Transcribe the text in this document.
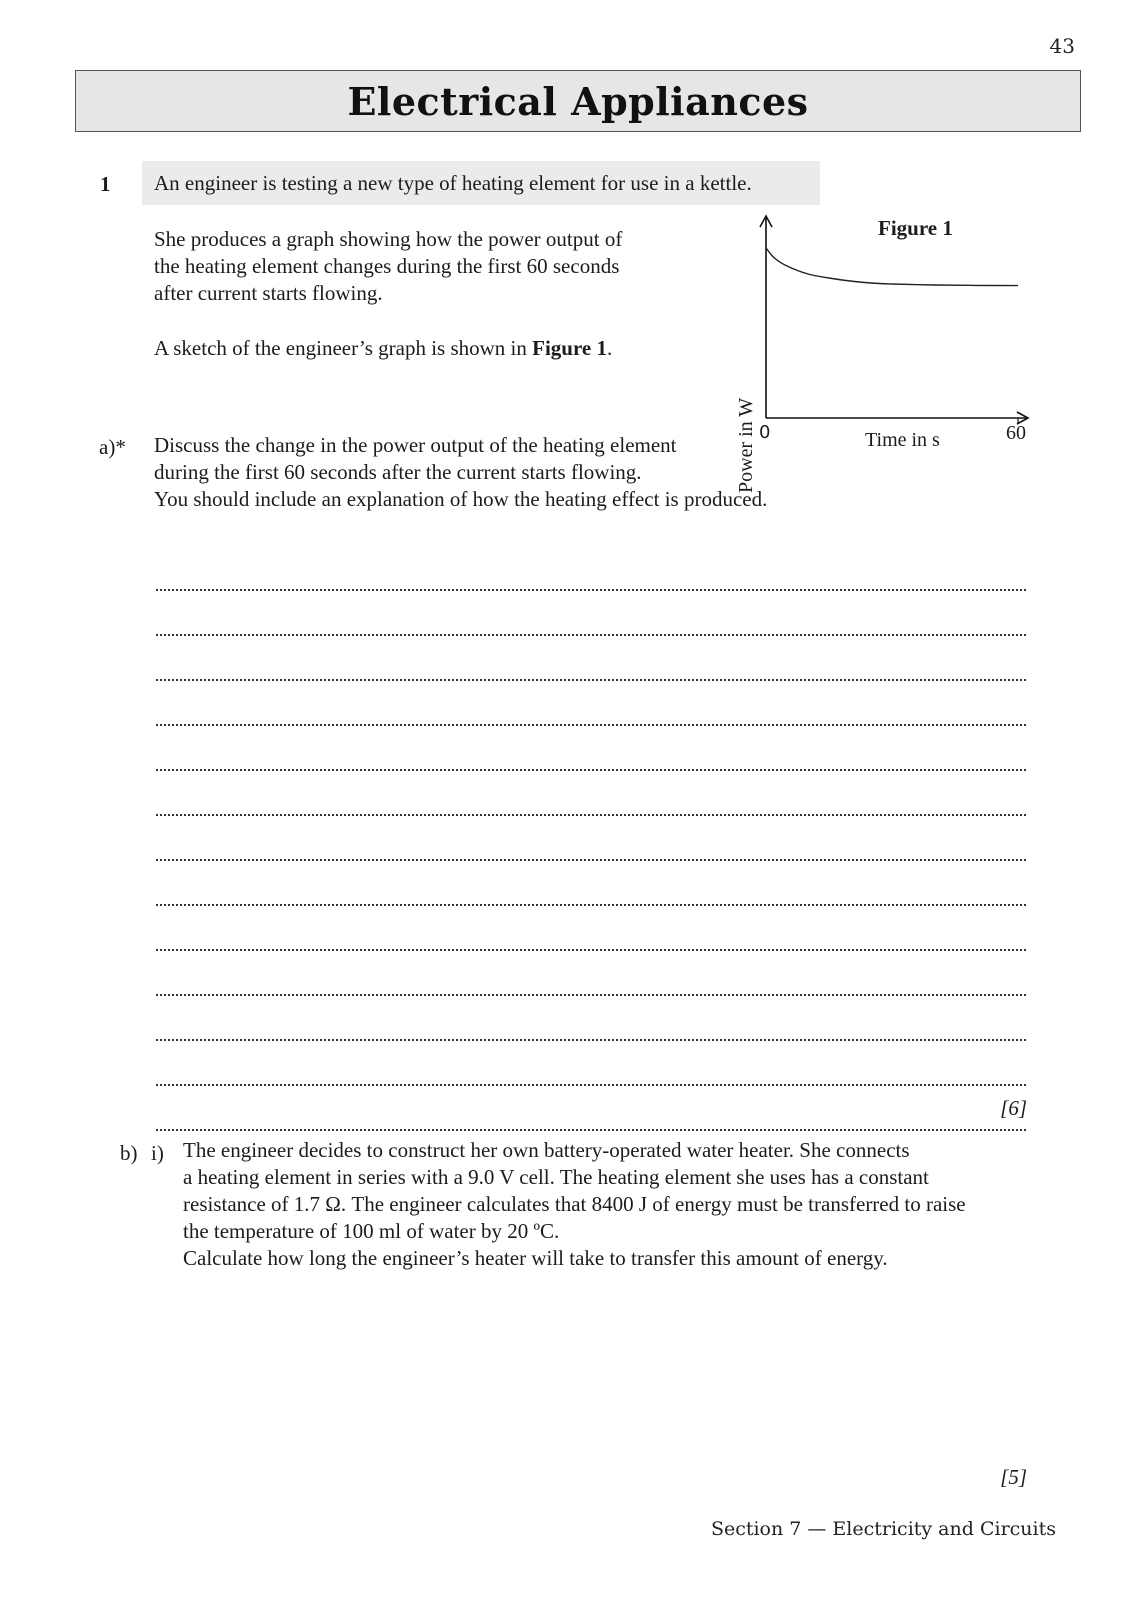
43
Electrical Appliances
1	An engineer is testing a new type of heating element for use in a kettle.
She produces a graph showing how the power output of
the heating element changes during the first 60 seconds
after current starts flowing.
A sketch of the engineer’s graph is shown in Figure 1.
Figure 1
Power in W 0	Time in s	60
a)* Discuss the change in the power output of the heating element
during the first 60 seconds after the current starts flowing.
You should include an explanation of how the heating effect is produced.
[6]
b) i) The engineer decides to construct her own battery-operated water heater. She connects
a heating element in series with a 9.0 V cell. The heating element she uses has a constant
resistance of 1.7 Ω. The engineer calculates that 8400 J of energy must be transferred to raise
the temperature of 100 ml of water by 20 ºC.
Calculate how long the engineer’s heater will take to transfer this amount of energy.
[5]
Section 7 — Electricity and Circuits
